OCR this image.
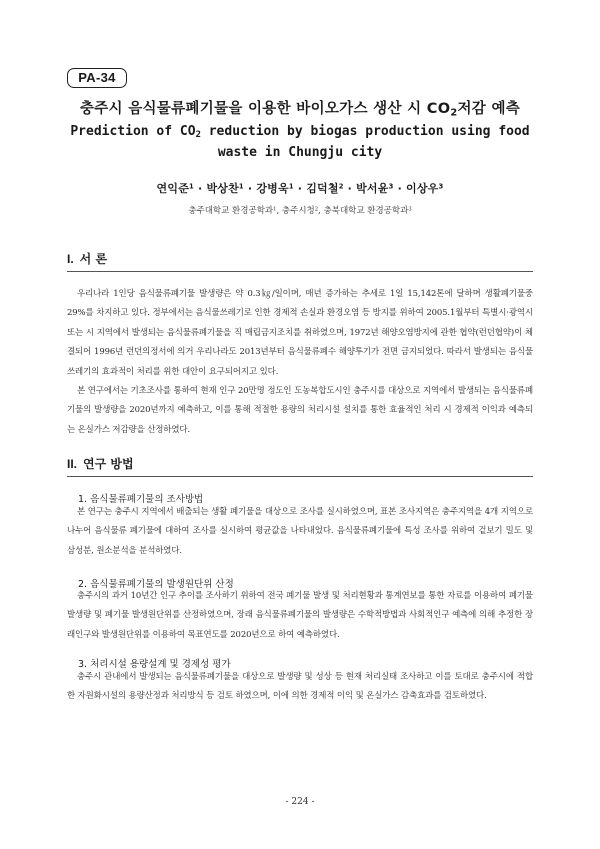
PA-34
충주시 음식물류폐기물을 이용한 바이오가스 생산 시 $CO_2$저감 예측
Prediction of $CO_2$ reduction by biogas production using food waste in Chungju city
연익준$^1$ · 박상찬$^1$ · 강병욱$^1$ · 김덕철$^2$ · 박서윤$^3$ · 이상우$^3$
충주대학교 환경공학과$^1$, 충주시청$^2$, 충북대학교 환경공학과$^3$
I. 서 론

우리나라 1인당 음식물류폐기물 발생량은 약 0.3㎏/일이며, 매년 증가하는 추세로 1일 15,142톤에 달하며 생활폐기물중 29%를 차지하고 있다. 정부에서는 음식물쓰레기로 인한 경제적 손실과 환경오염 등 방지를 위하여 2005.1월부터 특별시·광역시 또는 시 지역에서 발생되는 음식물류폐기물을 직 매립금지조치를 취하였으며, 1972년 해양오염방지에 관한 협약(런던협약)이 체결되어 1996년 런던의정서에 의거 우리나라도 2013년부터 음식물류폐수 해양투기가 전면 금지되었다. 따라서 발생되는 음식물쓰레기의 효과적이 처리를 위한 대안이 요구되어지고 있다.

본 연구에서는 기초조사를 통하여 현재 인구 20만명 정도인 도농복합도시인 충주시를 대상으로 지역에서 발생되는 음식물류폐기물의 발생량을 2020년까지 예측하고, 이를 통해 적절한 용량의 처리시설 설치를 통한 효율적인 처리 시 경제적 이익과 예측되는 온실가스 저감량을 산정하였다.

II. 연구 방법
1. 음식물류폐기물의 조사방법

본 연구는 충주시 지역에서 배출되는 생활 폐기물을 대상으로 조사를 실시하였으며, 표본 조사지역은 충주지역을 4개 지역으로 나누어 음식물류 폐기물에 대하여 조사를 실시하여 평균값을 나타내었다. 음식물류폐기물에 특성 조사를 위하여 겉보기 밀도 및 삼성분, 원소분석을 분석하였다.

2. 음식물류폐기물의 발생원단위 산정

충주시의 과거 10년간 인구 추이를 조사하기 위하여 전국 폐기물 발생 및 처리현황과 통계연보를 통한 자료를 이용하여 폐기물 발생량 및 폐기물 발생원단위를 산정하였으며, 장래 음식물류폐기물의 발생량은 수학적방법과 사회적인구 예측에 의해 추정한 장래인구와 발생원단위를 이용하여 목표연도를 2020년으로 하여 예측하였다.

3. 처리시설 용량설계 및 경제성 평가

충주시 관내에서 발생되는 음식물류폐기물을 대상으로 발생량 및 성상 등 현재 처리실태 조사하고 이를 토대로 충주시에 적합한 자원화시설의 용량산정과 처리방식 등 검토 하였으며, 이에 의한 경제적 이익 및 온실가스 감축효과를 검토하였다.

- 224 -
